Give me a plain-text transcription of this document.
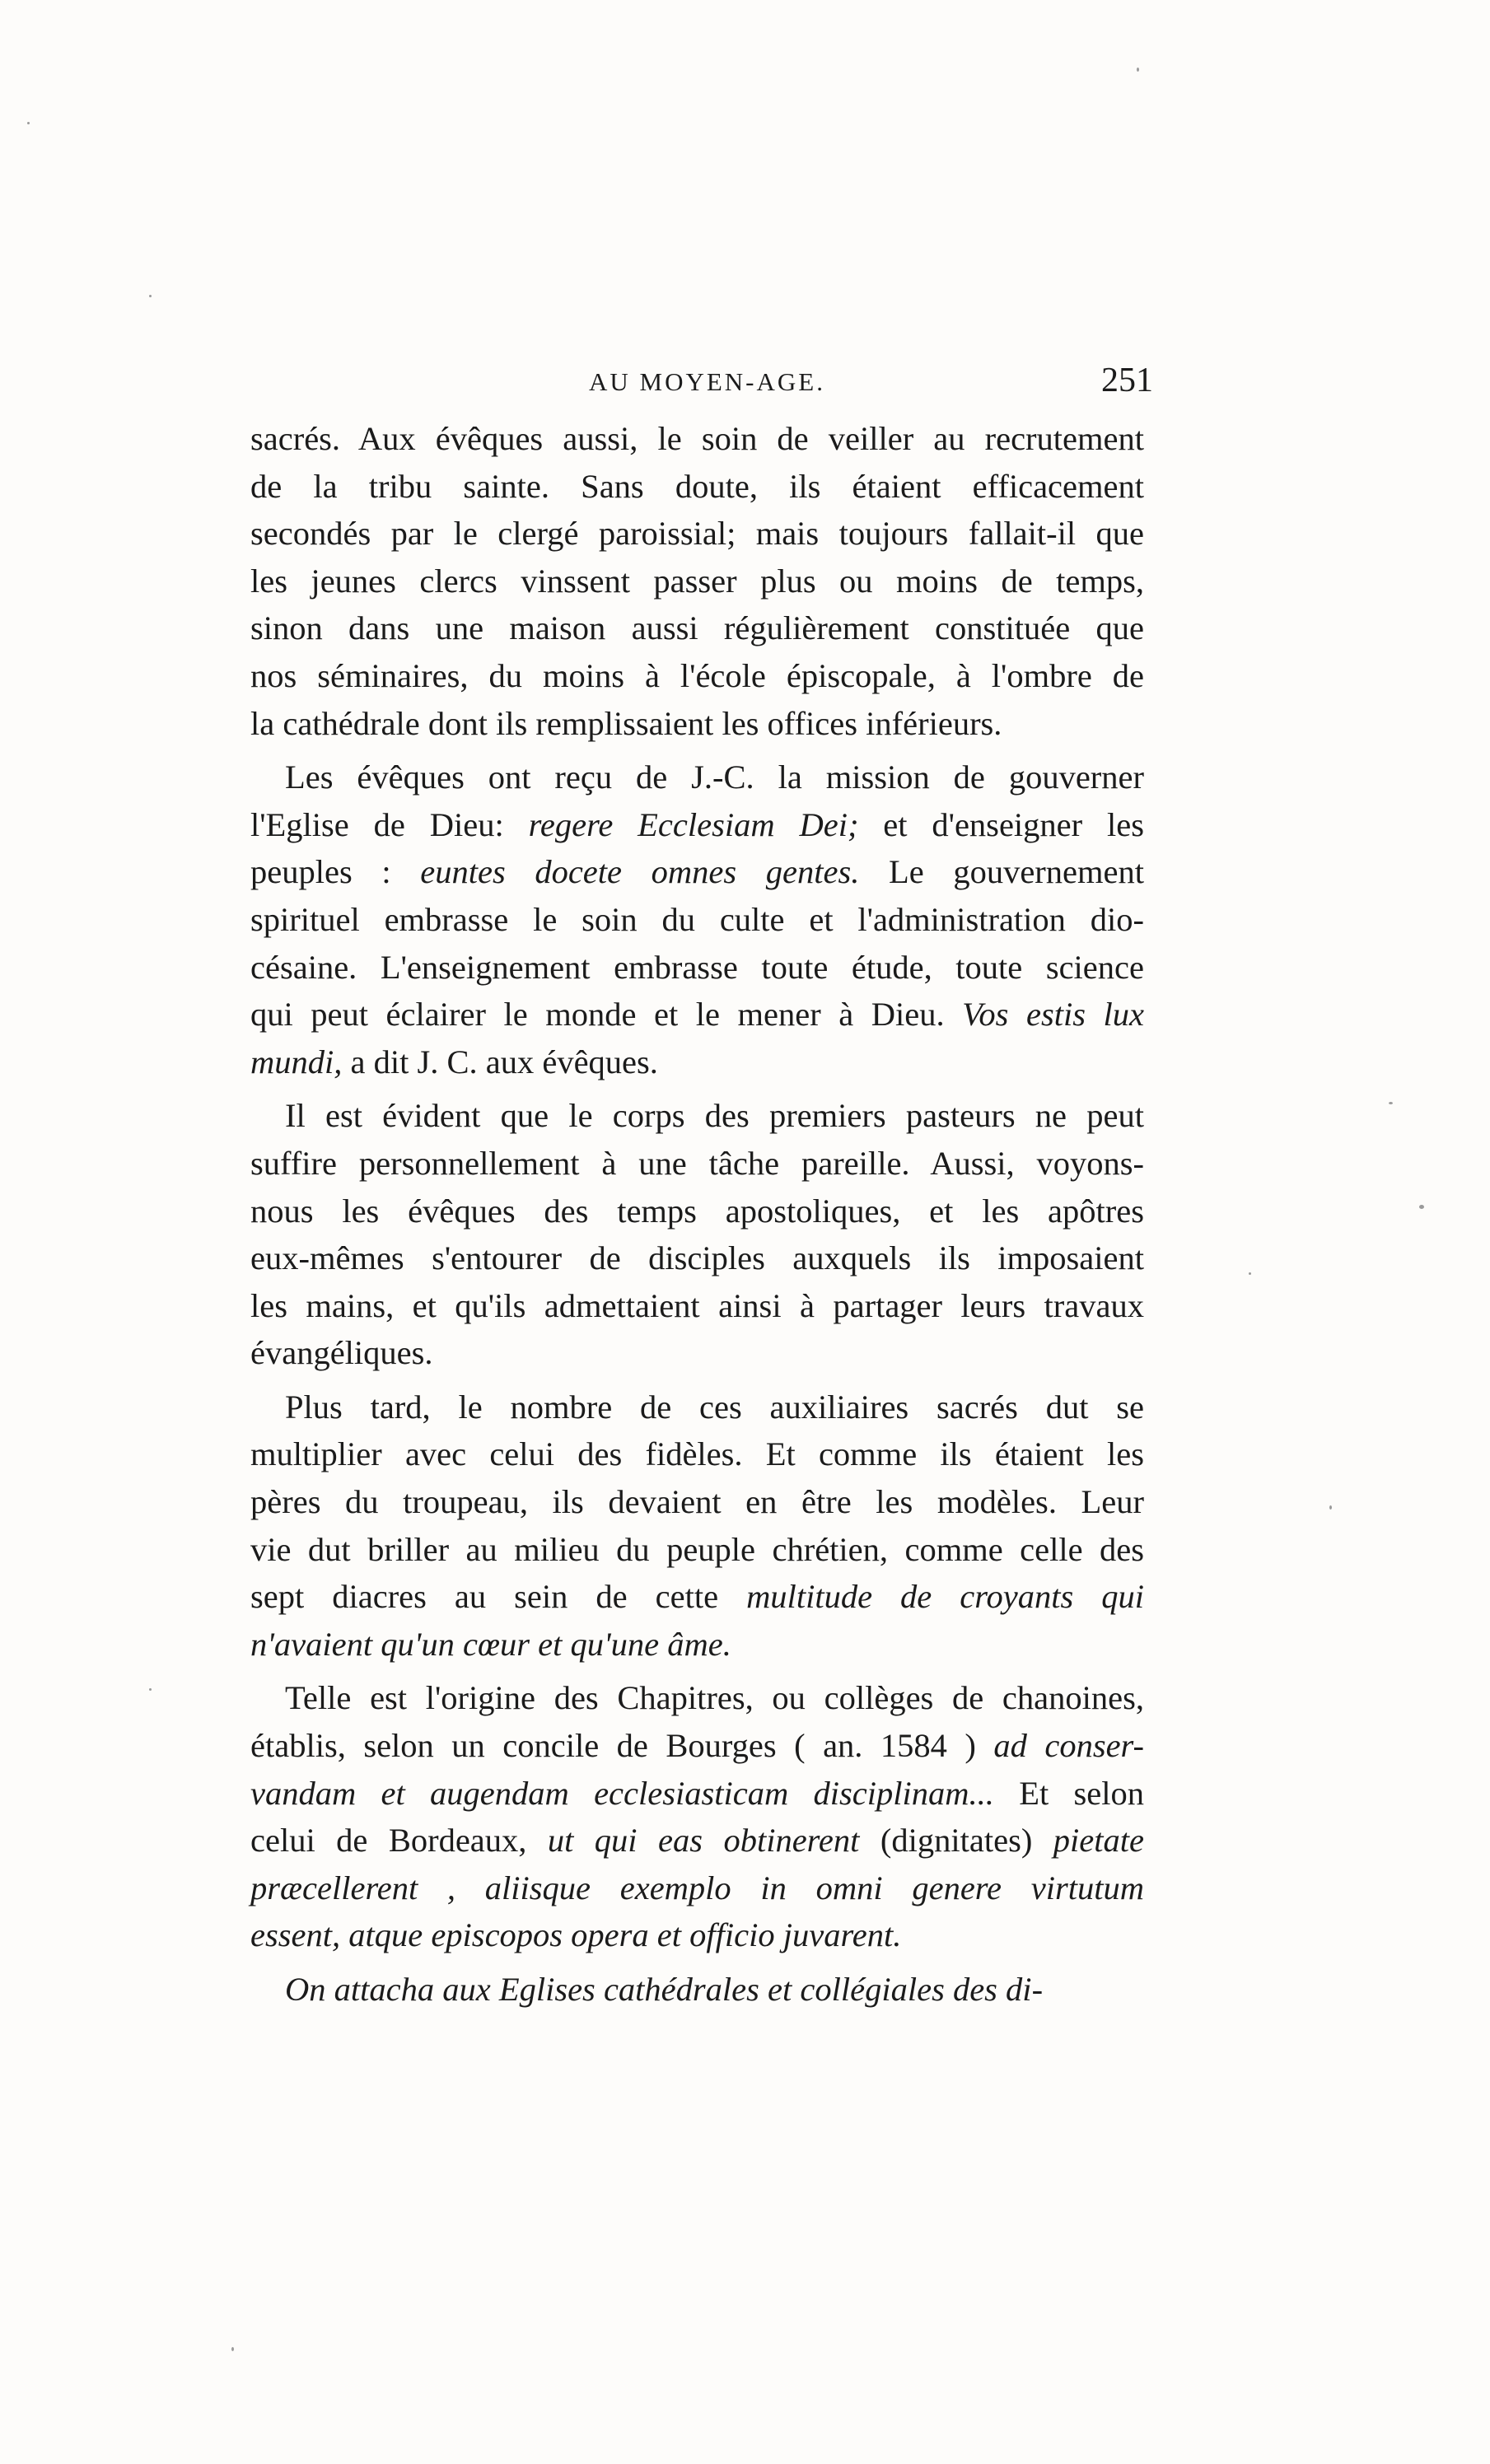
AU MOYEN-AGE.	251
sacrés. Aux évêques aussi, le soin de veiller au recrutement
de la tribu sainte. Sans doute, ils étaient efficacement
secondés par le clergé paroissial; mais toujours fallait-il que
les jeunes clercs vinssent passer plus ou moins de temps,
sinon dans une maison aussi régulièrement constituée que
nos séminaires, du moins à l'école épiscopale, à l'ombre de
la cathédrale dont ils remplissaient les offices inférieurs.
Les évêques ont reçu de J.-C. la mission de gouverner
l'Eglise de Dieu: regere Ecclesiam Dei; et d'enseigner les
peuples : euntes docete omnes gentes. Le gouvernement
spirituel embrasse le soin du culte et l'administration dio-
césaine. L'enseignement embrasse toute étude, toute science
qui peut éclairer le monde et le mener à Dieu. Vos estis lux
mundi, a dit J. C. aux évêques.
Il est évident que le corps des premiers pasteurs ne peut
suffire personnellement à une tâche pareille. Aussi, voyons-
nous les évêques des temps apostoliques, et les apôtres
eux-mêmes s'entourer de disciples auxquels ils imposaient
les mains, et qu'ils admettaient ainsi à partager leurs travaux
évangéliques.
Plus tard, le nombre de ces auxiliaires sacrés dut se
multiplier avec celui des fidèles. Et comme ils étaient les
pères du troupeau, ils devaient en être les modèles. Leur
vie dut briller au milieu du peuple chrétien, comme celle des
sept diacres au sein de cette multitude de croyants qui
n'avaient qu'un cœur et qu'une âme.
Telle est l'origine des Chapitres, ou collèges de chanoines,
établis, selon un concile de Bourges ( an. 1584 ) ad conser-
vandam et augendam ecclesiasticam disciplinam... Et selon
celui de Bordeaux, ut qui eas obtinerent (dignitates) pietate
præcellerent , aliisque exemplo in omni genere virtutum
essent, atque episcopos opera et officio juvarent.
On attacha aux Eglises cathédrales et collégiales des di-
